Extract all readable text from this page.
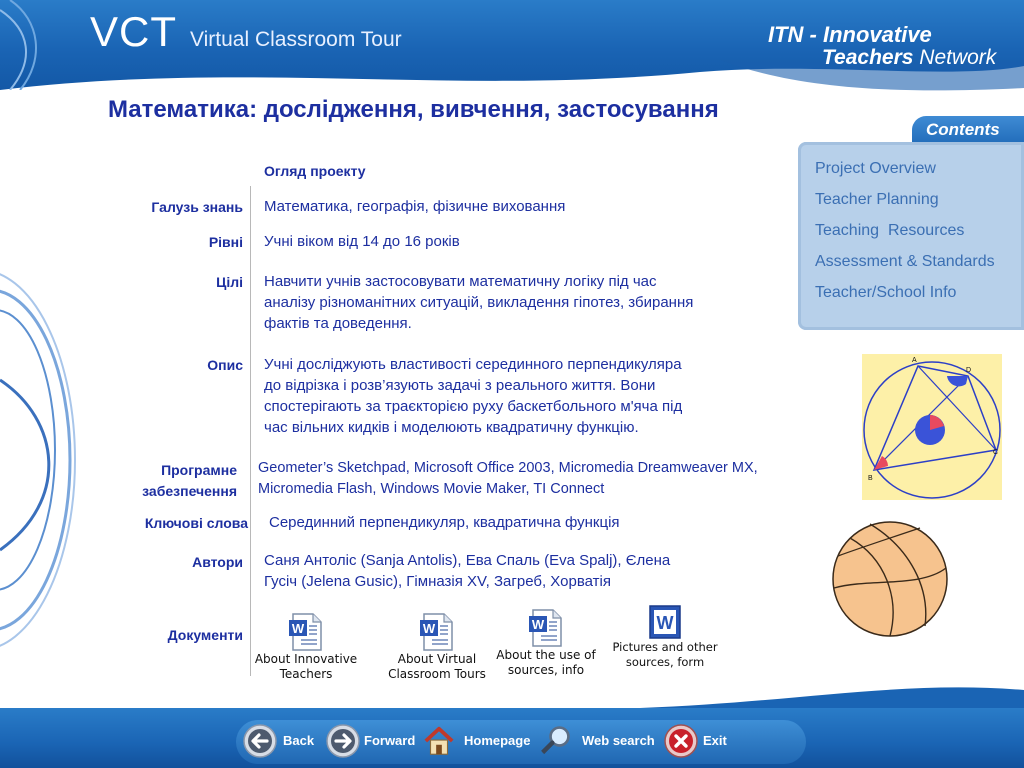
VCT Virtual Classroom Tour	ITN - Innovative
Teachers Network
Математика: дослідження, вивчення, застосування
Contents
Project Overview
Teacher Planning
Teaching  Resources
Assessment & Standards
Teacher/School Info
Огляд проекту
Галузь знань Математика, географія, фізичне виховання
Рівні Учні віком від 14 до 16 років
Цілі Навчити учнів застосовувати математичну логіку під час
аналізу різноманітних ситуацій, викладення гіпотез, збирання
фактів та доведення.
Опис Учні досліджують властивості серединного перпендикуляра
до відрізка і розв’язують задачі з реального життя. Вони
спостерігають за траєкторією руху баскетбольного м'яча під
час вільних кидків і моделюють квадратичну функцію.
Програмне
забезпечення
Geometer’s Sketchpad, Microsoft Office 2003, Micromedia Dreamweaver MX,
Micromedia Flash, Windows Movie Maker, TI Connect
Ключові слова Серединний перпендикуляр, квадратична функція
Автори Саня Антоліс (Sanja Antolis), Ева Спаль (Eva Spalj), Єлена
Гусіч (Jelena Gusic), Гімназія XV, Загреб, Хорватія
Документи	W
About Innovative
Teachers
W
About Virtual
Classroom Tours
W
About the use of
sources, info
W
Pictures and other
sources, form
A
D
C
B
Back	Forward	Homepage	Web search	Exit
